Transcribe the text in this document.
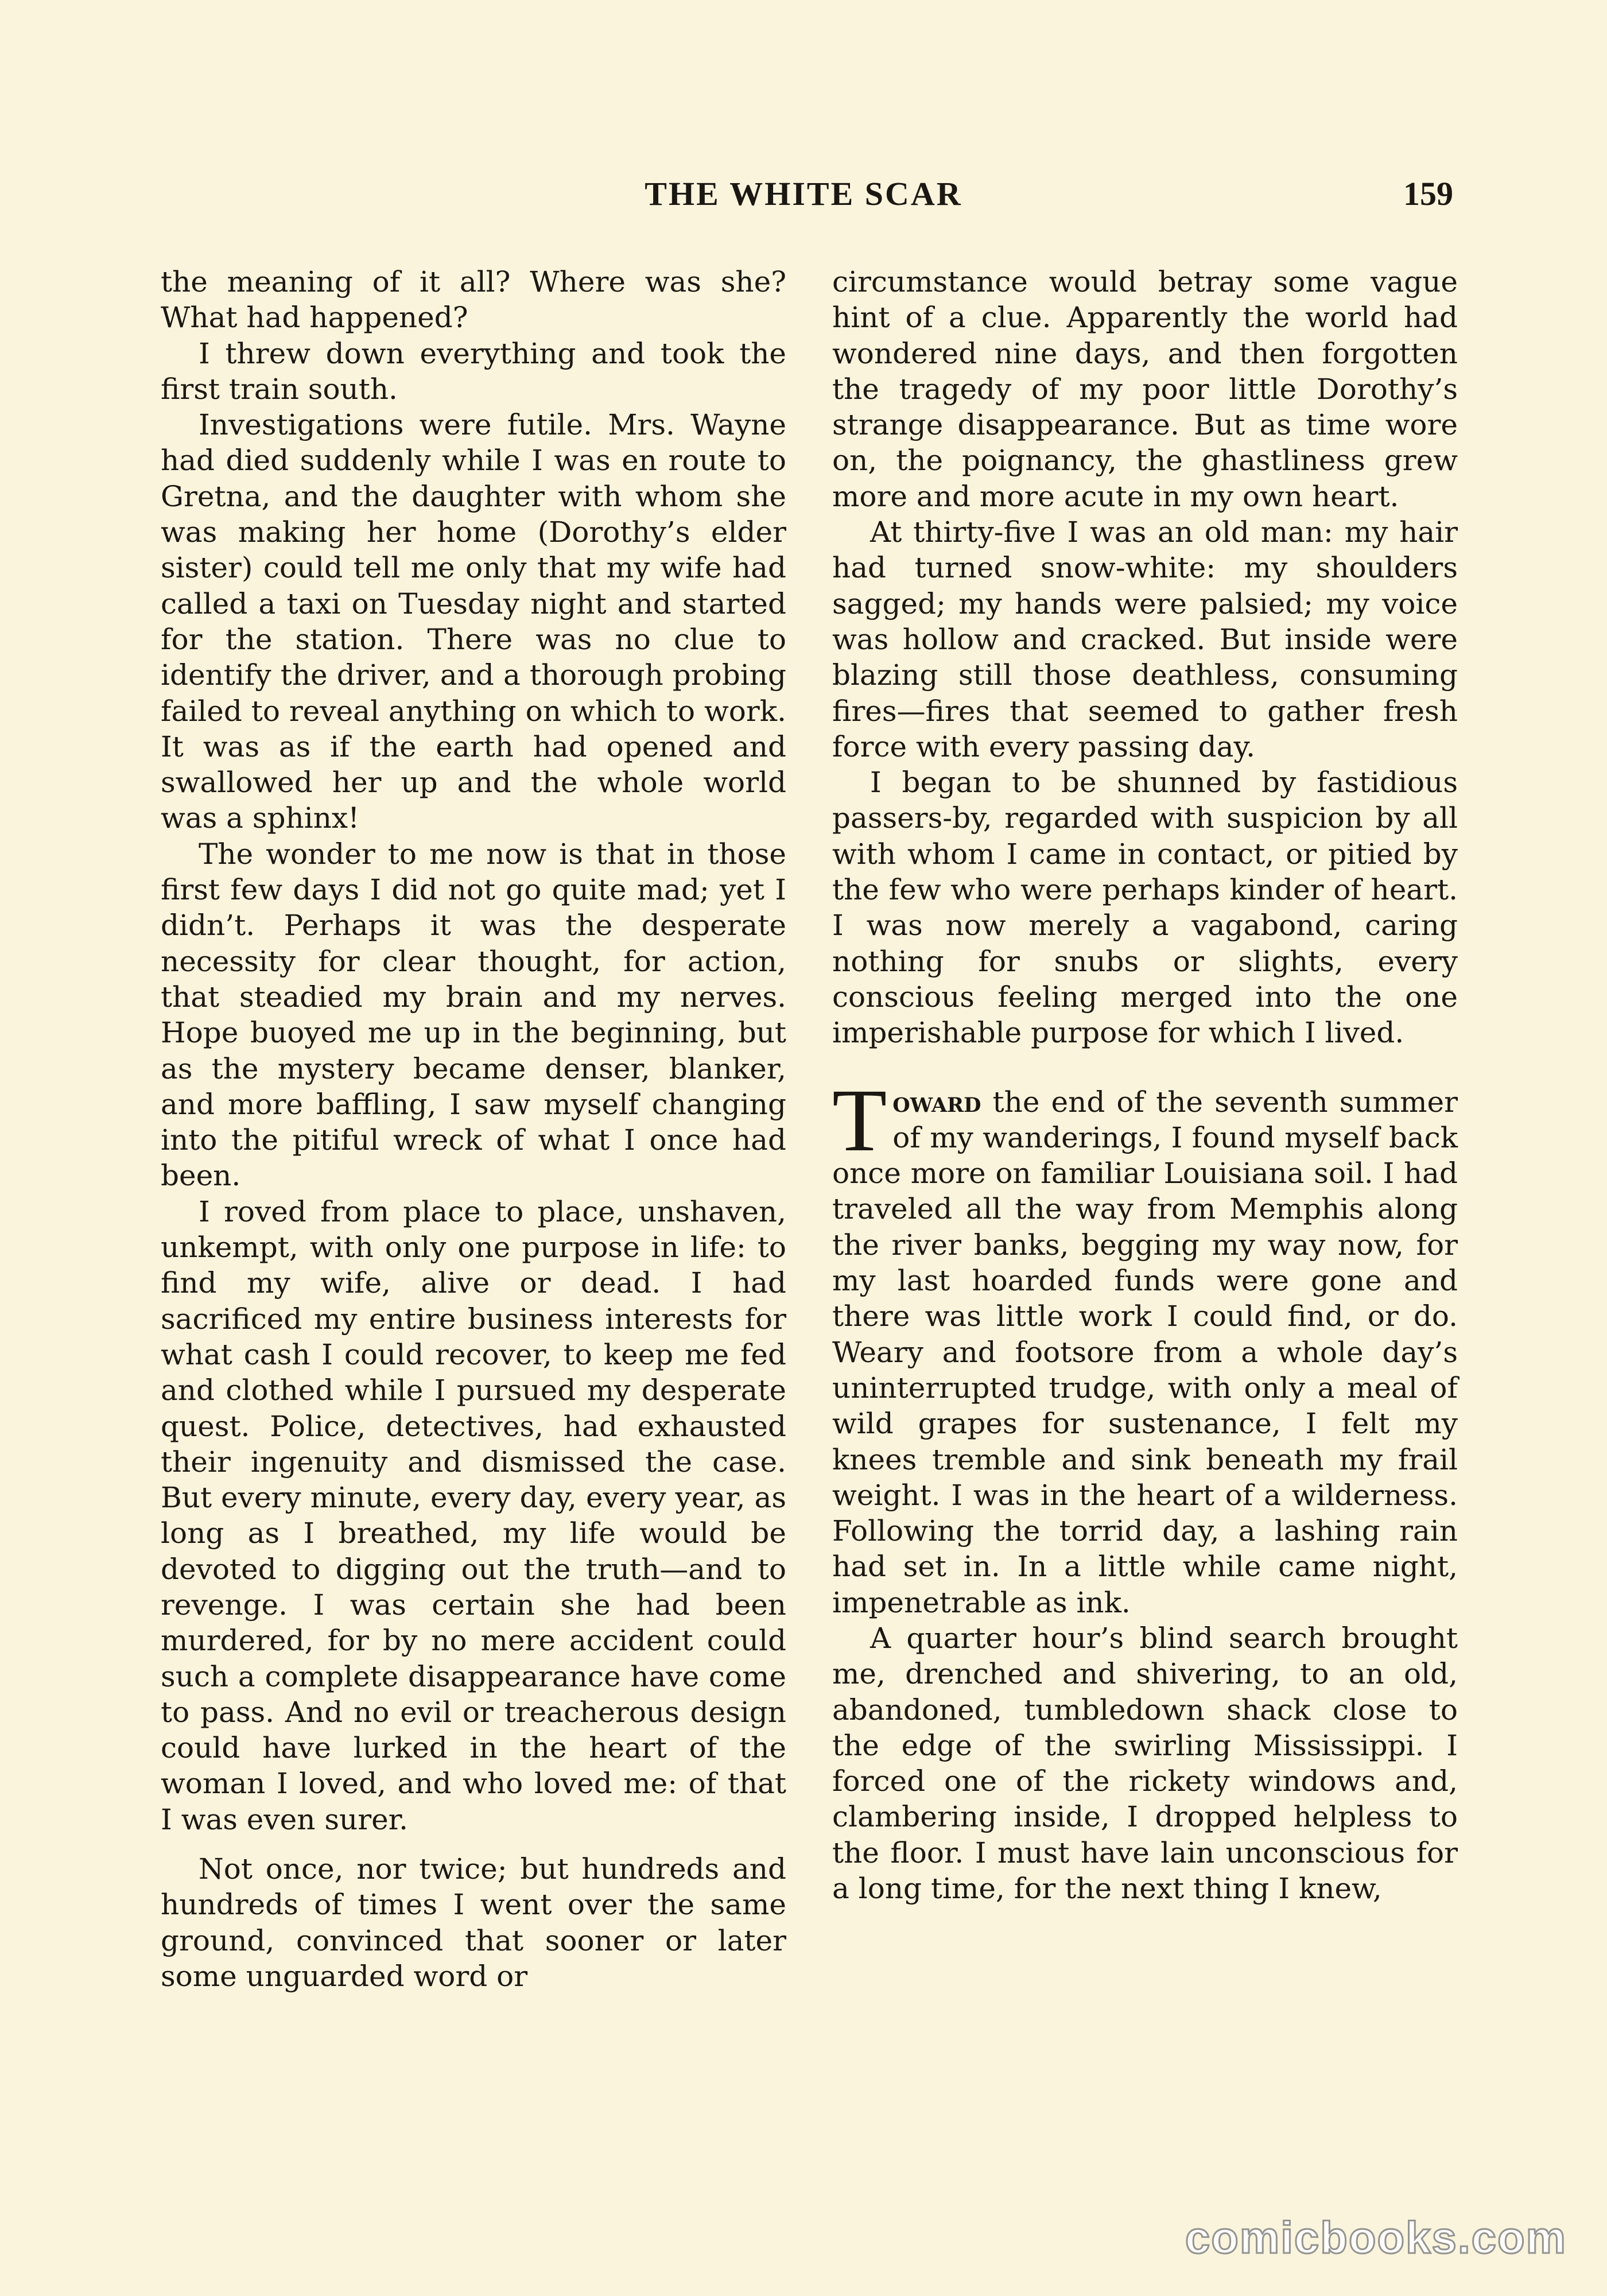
THE WHITE SCAR	159

the meaning of it all? Where was she? What had happened?

I threw down everything and took the first train south.

Investigations were futile. Mrs. Wayne had died suddenly while I was en route to Gretna, and the daughter with whom she was making her home (Dorothy’s elder sister) could tell me only that my wife had called a taxi on Tuesday night and started for the station. There was no clue to identify the driver, and a thorough probing failed to reveal anything on which to work. It was as if the earth had opened and swallowed her up and the whole world was a sphinx!

The wonder to me now is that in those first few days I did not go quite mad; yet I didn’t. Perhaps it was the desperate necessity for clear thought, for action, that steadied my brain and my nerves. Hope buoyed me up in the beginning, but as the mystery became denser, blanker, and more baffling, I saw myself changing into the pitiful wreck of what I once had been.

I roved from place to place, unshaven, unkempt, with only one purpose in life: to find my wife, alive or dead. I had sacrificed my entire business interests for what cash I could recover, to keep me fed and clothed while I pursued my desperate quest. Police, detectives, had exhausted their ingenuity and dismissed the case. But every minute, every day, every year, as long as I breathed, my life would be devoted to digging out the truth—and to revenge. I was certain she had been murdered, for by no mere accident could such a complete disappearance have come to pass. And no evil or treacherous design could have lurked in the heart of the woman I loved, and who loved me: of that I was even surer.

Not once, nor twice; but hundreds and hundreds of times I went over the same ground, convinced that sooner or later some unguarded word or

circumstance would betray some vague hint of a clue. Apparently the world had wondered nine days, and then forgotten the tragedy of my poor little Dorothy’s strange disappearance. But as time wore on, the poignancy, the ghastliness grew more and more acute in my own heart.

At thirty-five I was an old man: my hair had turned snow-white: my shoulders sagged; my hands were palsied; my voice was hollow and cracked. But inside were blazing still those deathless, consuming fires—fires that seemed to gather fresh force with every passing day.

I began to be shunned by fastidious passers-by, regarded with suspicion by all with whom I came in contact, or pitied by the few who were perhaps kinder of heart. I was now merely a vagabond, caring nothing for snubs or slights, every conscious feeling merged into the one imperishable purpose for which I lived.

Toward the end of the seventh summer of my wanderings, I found myself back once more on familiar Louisiana soil. I had traveled all the way from Memphis along the river banks, begging my way now, for my last hoarded funds were gone and there was little work I could find, or do. Weary and footsore from a whole day’s uninterrupted trudge, with only a meal of wild grapes for sustenance, I felt my knees tremble and sink beneath my frail weight. I was in the heart of a wilderness. Following the torrid day, a lashing rain had set in. In a little while came night, impenetrable as ink.

A quarter hour’s blind search brought me, drenched and shivering, to an old, abandoned, tumbledown shack close to the edge of the swirling Mississippi. I forced one of the rickety windows and, clambering inside, I dropped helpless to the floor. I must have lain unconscious for a long time, for the next thing I knew,

comicbooks.com
